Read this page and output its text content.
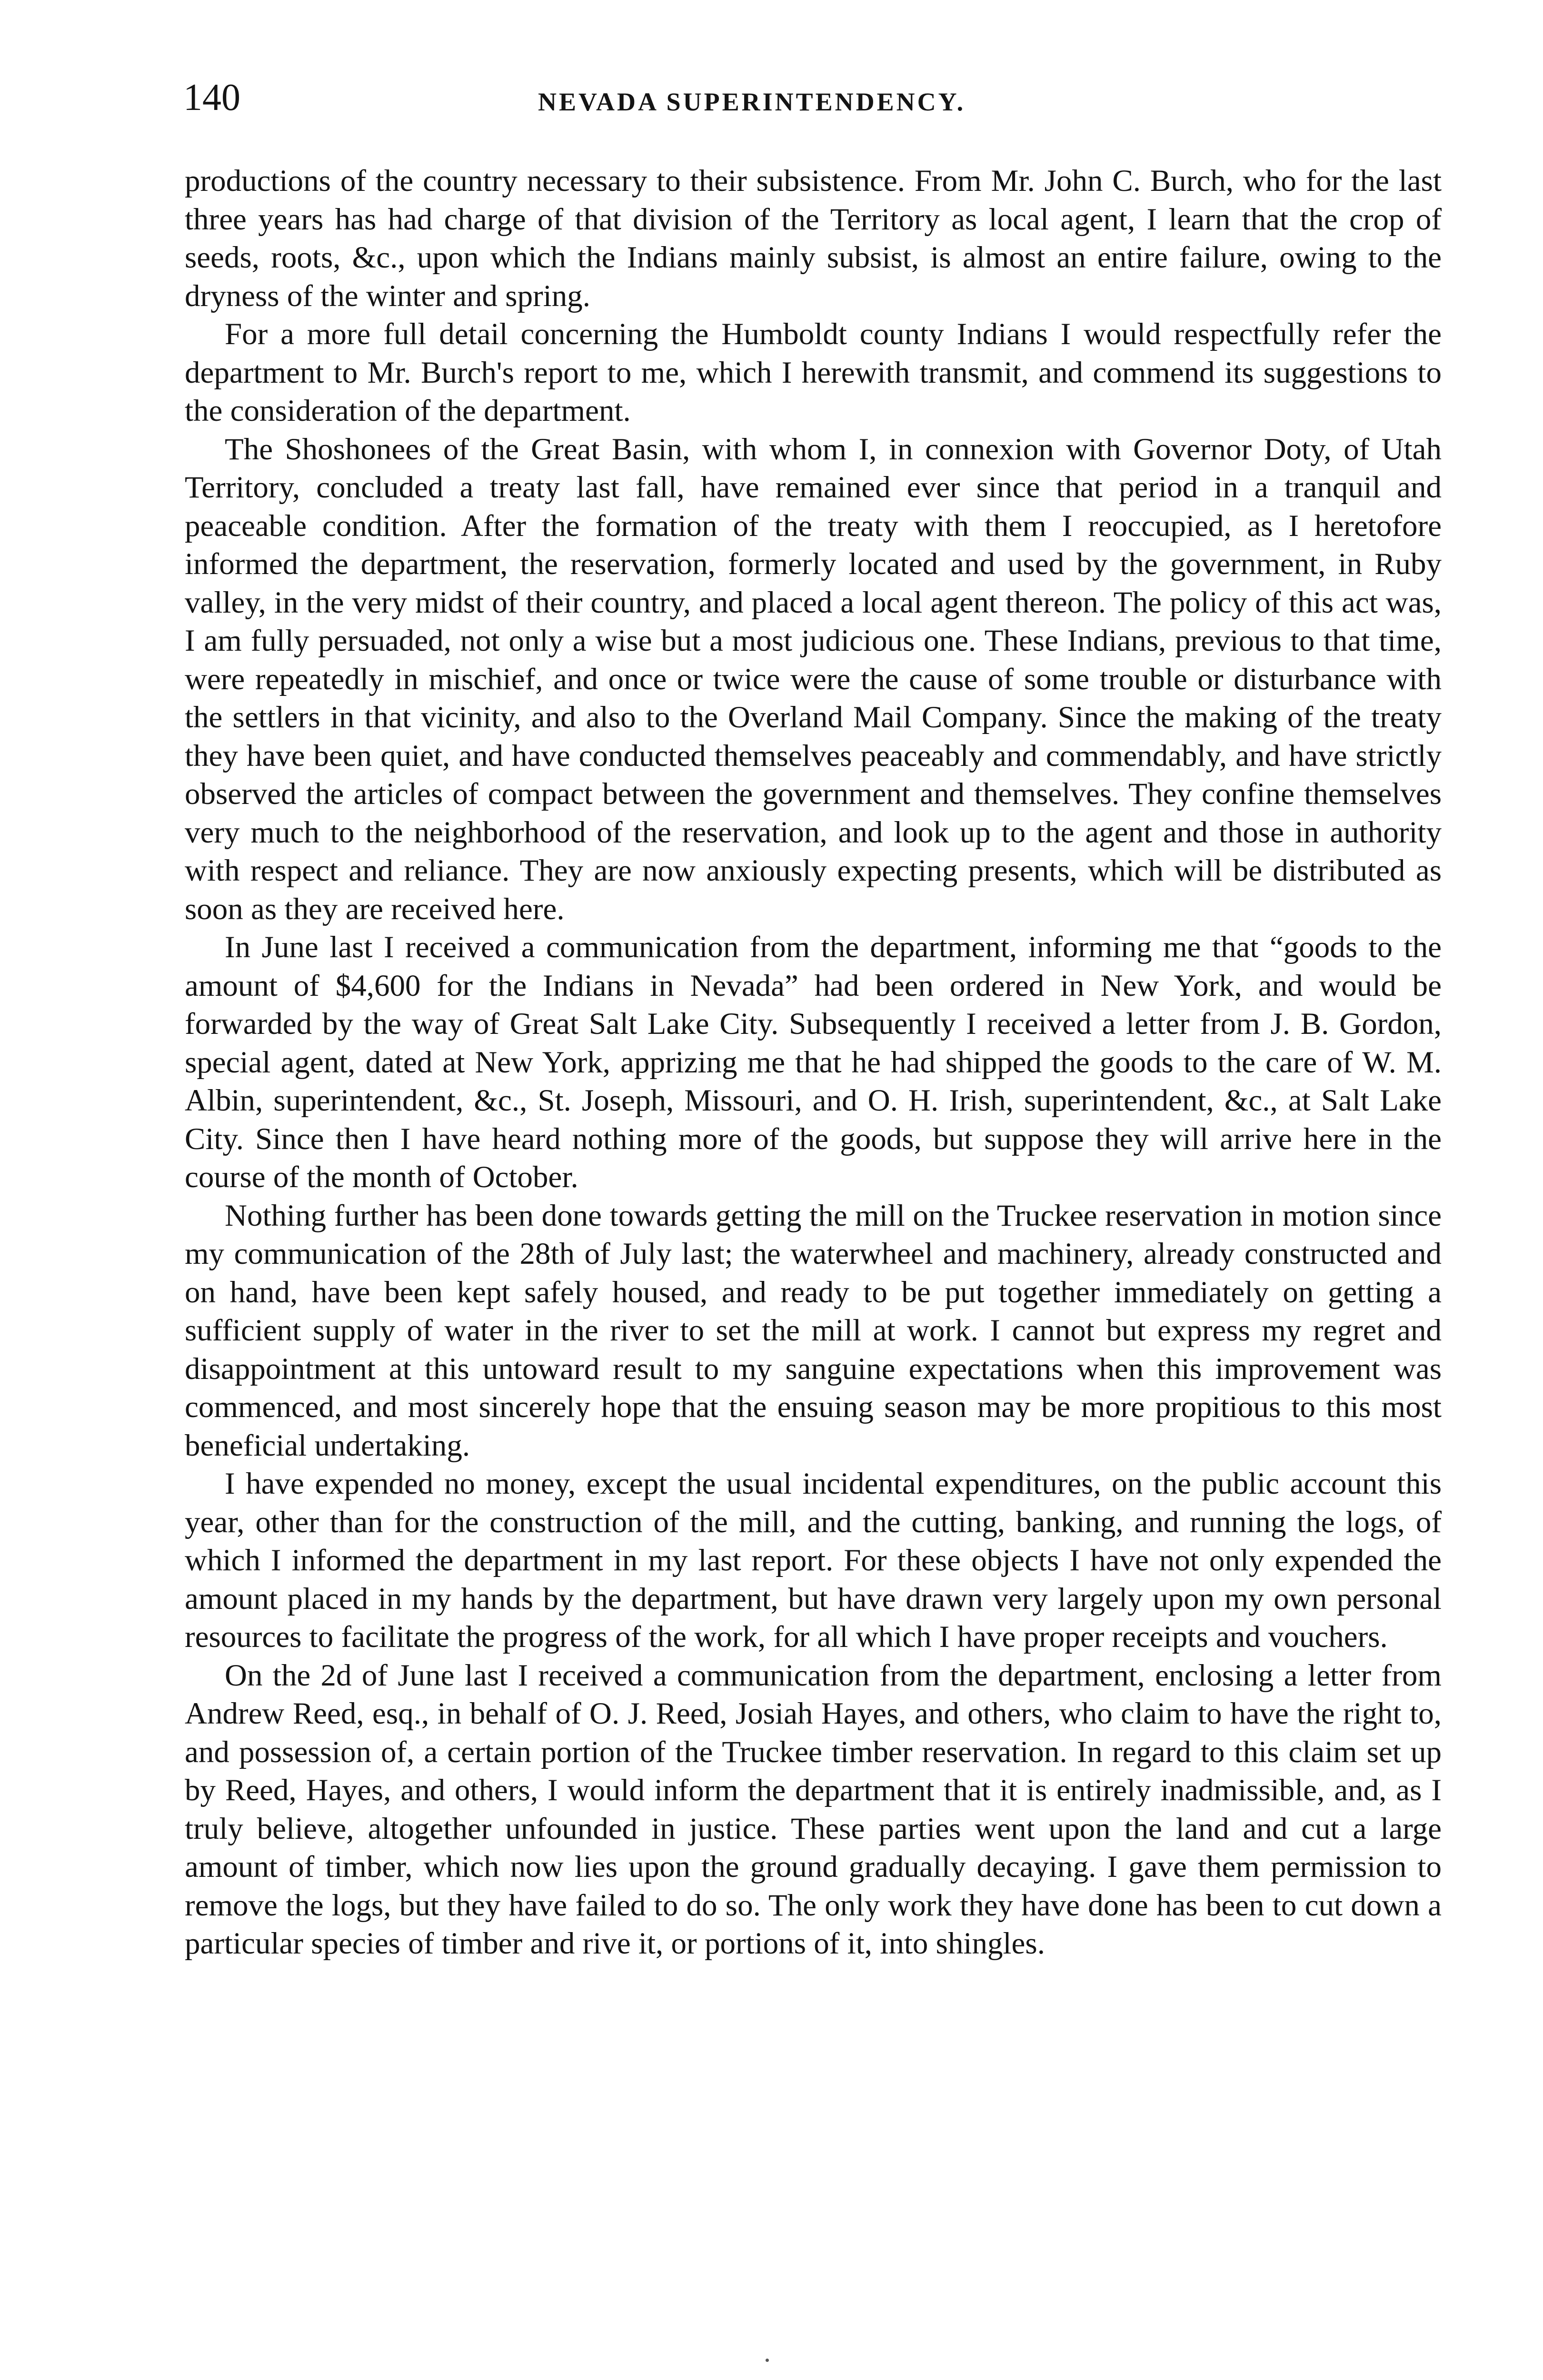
140	NEVADA SUPERINTENDENCY.

productions of the country necessary to their subsistence. From Mr. John C. Burch, who for the last three years has had charge of that division of the Territory as local agent, I learn that the crop of seeds, roots, &c., upon which the Indians mainly subsist, is almost an entire failure, owing to the dryness of the winter and spring.

For a more full detail concerning the Humboldt county Indians I would respectfully refer the department to Mr. Burch's report to me, which I herewith transmit, and commend its suggestions to the consideration of the department.

The Shoshonees of the Great Basin, with whom I, in connexion with Governor Doty, of Utah Territory, concluded a treaty last fall, have remained ever since that period in a tranquil and peaceable condition. After the formation of the treaty with them I reoccupied, as I heretofore informed the department, the reservation, formerly located and used by the government, in Ruby valley, in the very midst of their country, and placed a local agent thereon. The policy of this act was, I am fully persuaded, not only a wise but a most judicious one. These Indians, previous to that time, were repeatedly in mischief, and once or twice were the cause of some trouble or disturbance with the settlers in that vicinity, and also to the Overland Mail Company. Since the making of the treaty they have been quiet, and have conducted themselves peaceably and commendably, and have strictly observed the articles of compact between the government and themselves. They confine themselves very much to the neighborhood of the reservation, and look up to the agent and those in authority with respect and reliance. They are now anxiously expecting presents, which will be distributed as soon as they are received here.

In June last I received a communication from the department, informing me that “goods to the amount of $4,600 for the Indians in Nevada” had been ordered in New York, and would be forwarded by the way of Great Salt Lake City. Subsequently I received a letter from J. B. Gordon, special agent, dated at New York, apprizing me that he had shipped the goods to the care of W. M. Albin, superintendent, &c., St. Joseph, Missouri, and O. H. Irish, superintendent, &c., at Salt Lake City. Since then I have heard nothing more of the goods, but suppose they will arrive here in the course of the month of October.

Nothing further has been done towards getting the mill on the Truckee reservation in motion since my communication of the 28th of July last; the waterwheel and machinery, already constructed and on hand, have been kept safely housed, and ready to be put together immediately on getting a sufficient supply of water in the river to set the mill at work. I cannot but express my regret and disappointment at this untoward result to my sanguine expectations when this improvement was commenced, and most sincerely hope that the ensuing season may be more propitious to this most beneficial undertaking.

I have expended no money, except the usual incidental expenditures, on the public account this year, other than for the construction of the mill, and the cutting, banking, and running the logs, of which I informed the department in my last report. For these objects I have not only expended the amount placed in my hands by the department, but have drawn very largely upon my own personal resources to facilitate the progress of the work, for all which I have proper receipts and vouchers.

On the 2d of June last I received a communication from the department, enclosing a letter from Andrew Reed, esq., in behalf of O. J. Reed, Josiah Hayes, and others, who claim to have the right to, and possession of, a certain portion of the Truckee timber reservation. In regard to this claim set up by Reed, Hayes, and others, I would inform the department that it is entirely inadmissible, and, as I truly believe, altogether unfounded in justice. These parties went upon the land and cut a large amount of timber, which now lies upon the ground gradually decaying. I gave them permission to remove the logs, but they have failed to do so. The only work they have done has been to cut down a particular species of timber and rive it, or portions of it, into shingles.
